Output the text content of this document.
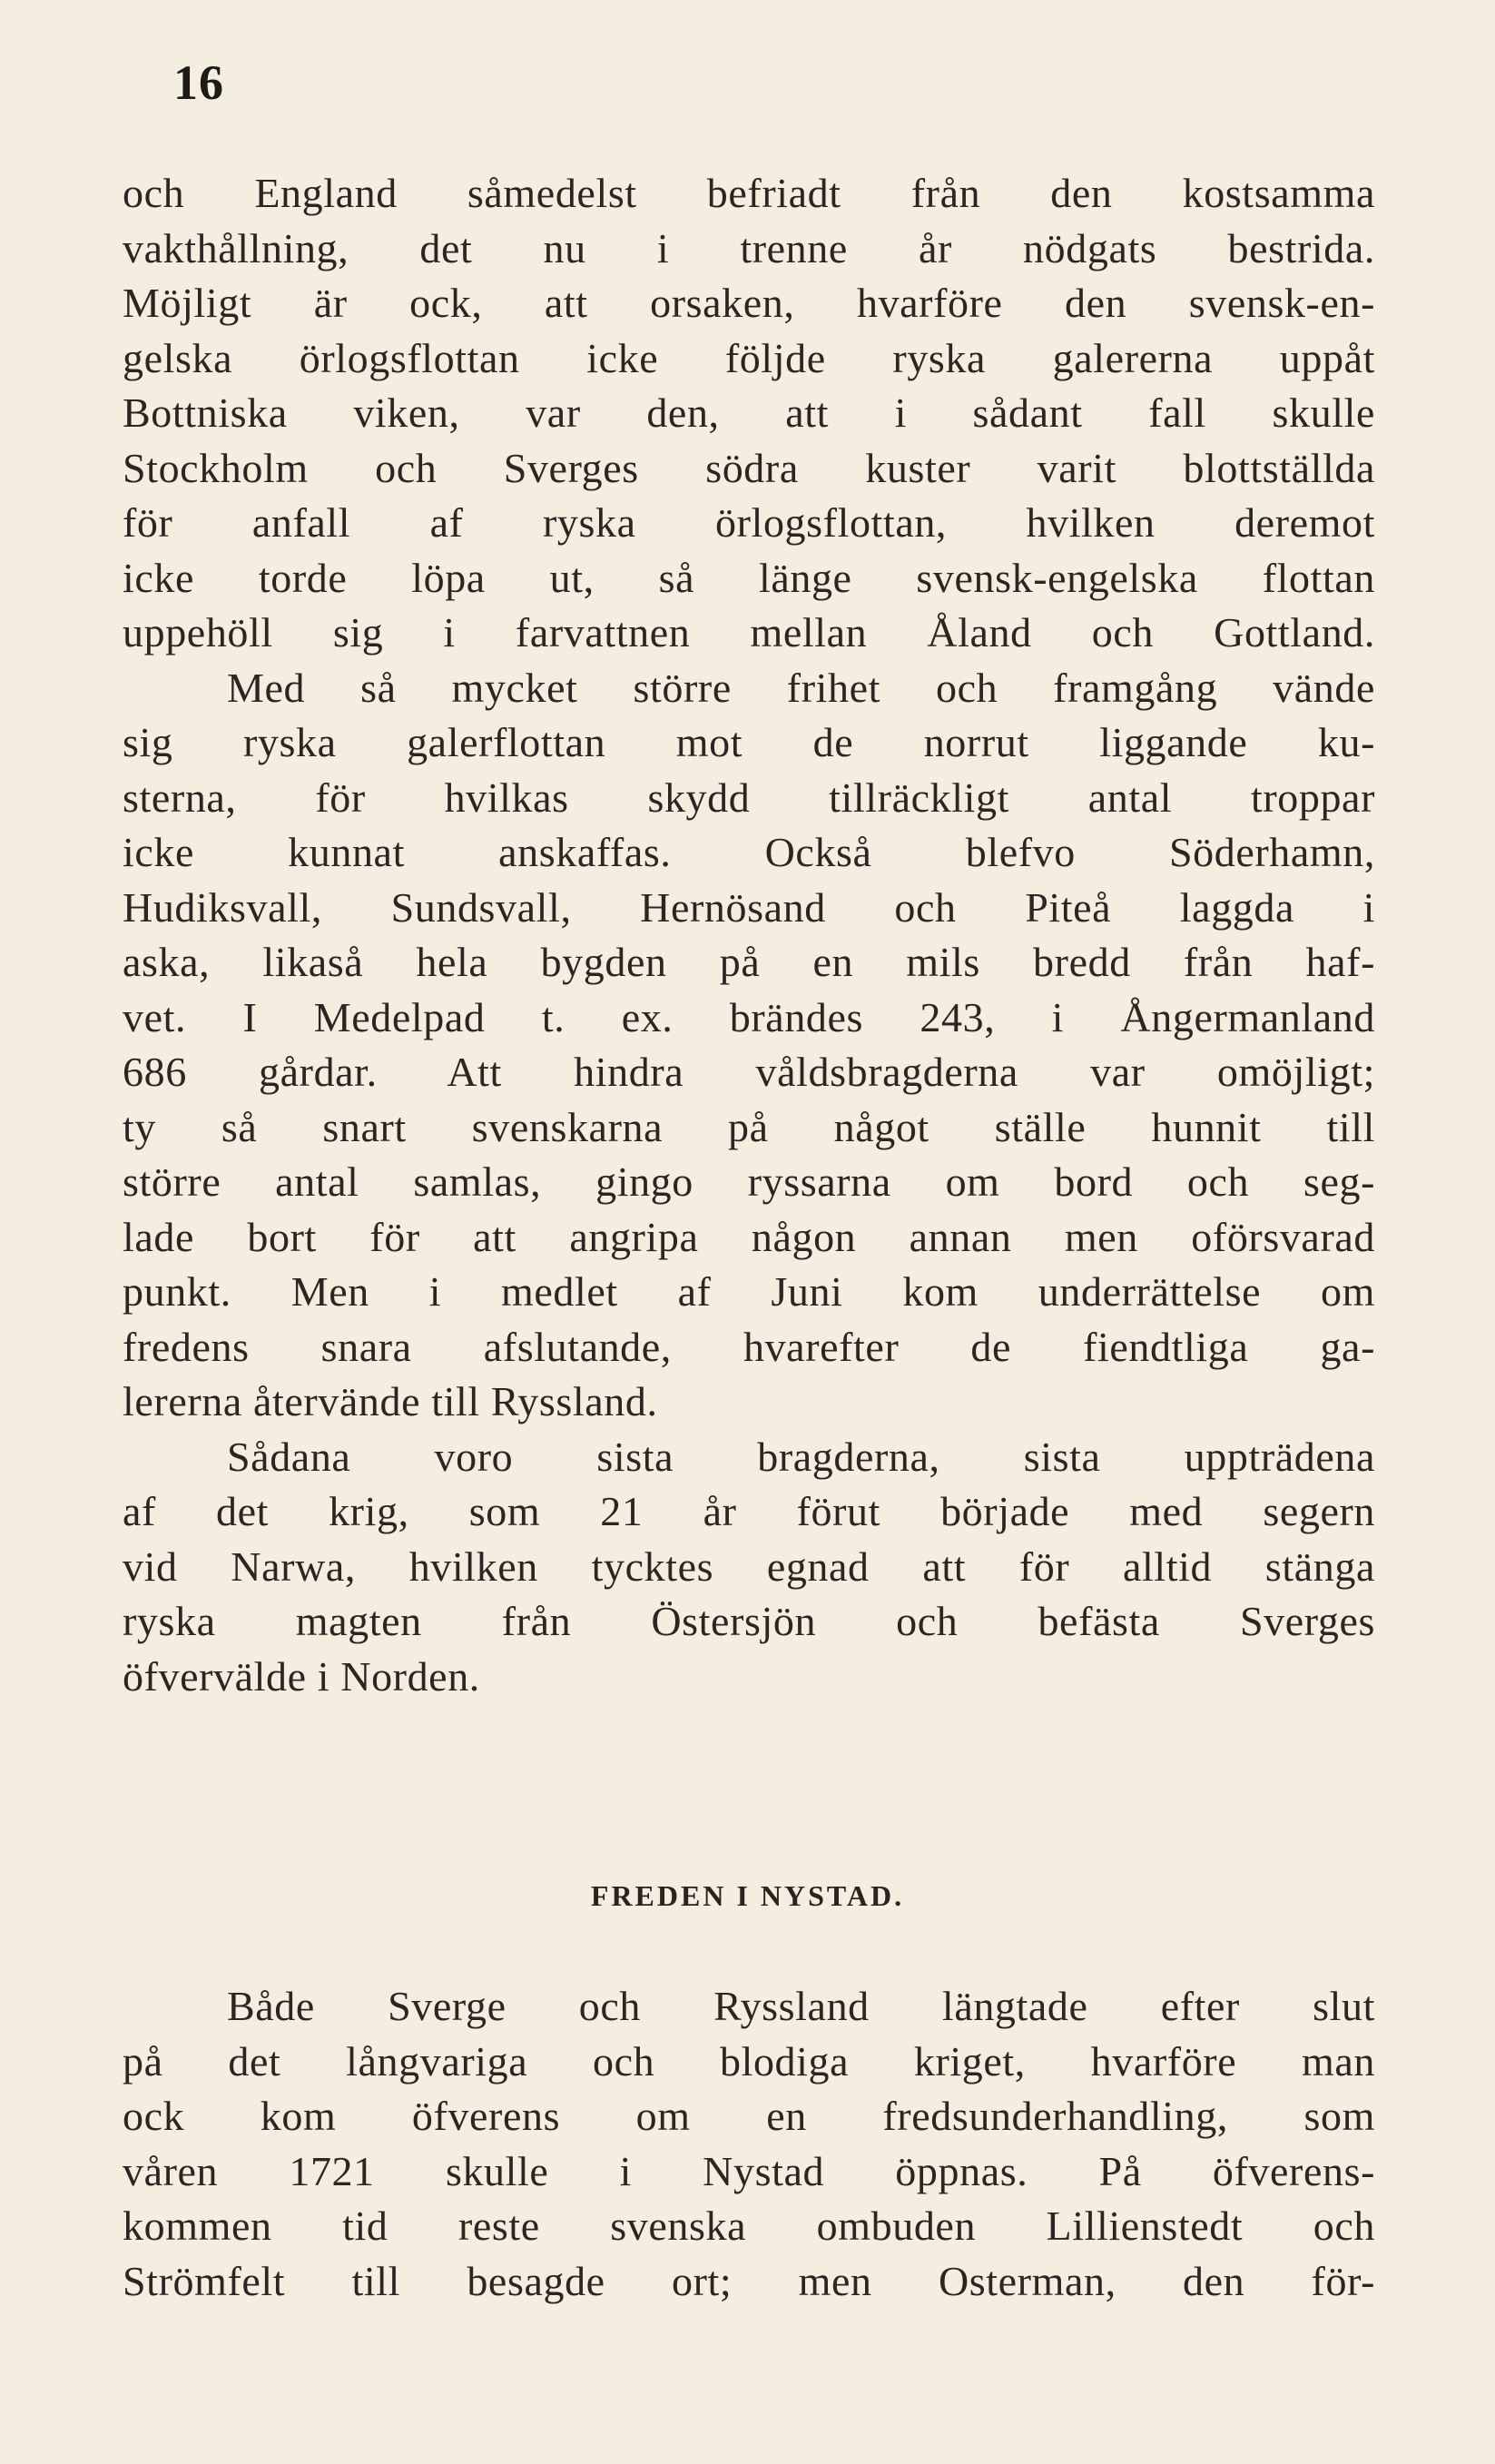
16
och England såmedelst befriadt från den kostsamma
vakthållning, det nu i trenne år nödgats bestrida.
Möjligt är ock, att orsaken, hvarföre den svensk-en-
gelska örlogsflottan icke följde ryska galererna uppåt
Bottniska viken, var den, att i sådant fall skulle
Stockholm och Sverges södra kuster varit blottställda
för anfall af ryska örlogsflottan, hvilken deremot
icke torde löpa ut, så länge svensk-engelska flottan
uppehöll sig i farvattnen mellan Åland och Gottland.
Med så mycket större frihet och framgång vände
sig ryska galerflottan mot de norrut liggande ku-
sterna, för hvilkas skydd tillräckligt antal troppar
icke kunnat anskaffas. Också blefvo Söderhamn,
Hudiksvall, Sundsvall, Hernösand och Piteå laggda i
aska, likaså hela bygden på en mils bredd från haf-
vet. I Medelpad t. ex. brändes 243, i Ångermanland
686 gårdar. Att hindra våldsbragderna var omöjligt;
ty så snart svenskarna på något ställe hunnit till
större antal samlas, gingo ryssarna om bord och seg-
lade bort för att angripa någon annan men oförsvarad
punkt. Men i medlet af Juni kom underrättelse om
fredens snara afslutande, hvarefter de fiendtliga ga-
lererna återvände till Ryssland.
Sådana voro sista bragderna, sista uppträdena
af det krig, som 21 år förut började med segern
vid Narwa, hvilken tycktes egnad att för alltid stänga
ryska magten från Östersjön och befästa Sverges
öfvervälde i Norden.
FREDEN I NYSTAD.
Både Sverge och Ryssland längtade efter slut
på det långvariga och blodiga kriget, hvarföre man
ock kom öfverens om en fredsunderhandling, som
våren 1721 skulle i Nystad öppnas. På öfverens-
kommen tid reste svenska ombuden Lillienstedt och
Strömfelt till besagde ort; men Osterman, den för-
